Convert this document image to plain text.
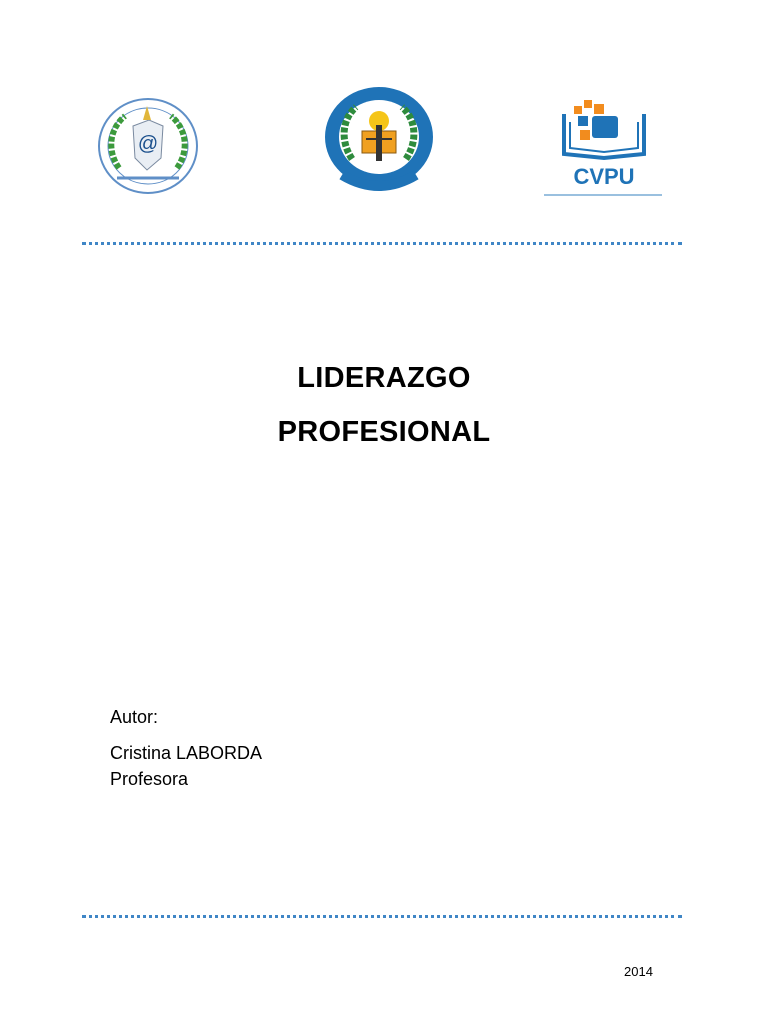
@
CVPU
LIDERAZGO
PROFESIONAL
Autor:
Cristina LABORDA
Profesora
2014
